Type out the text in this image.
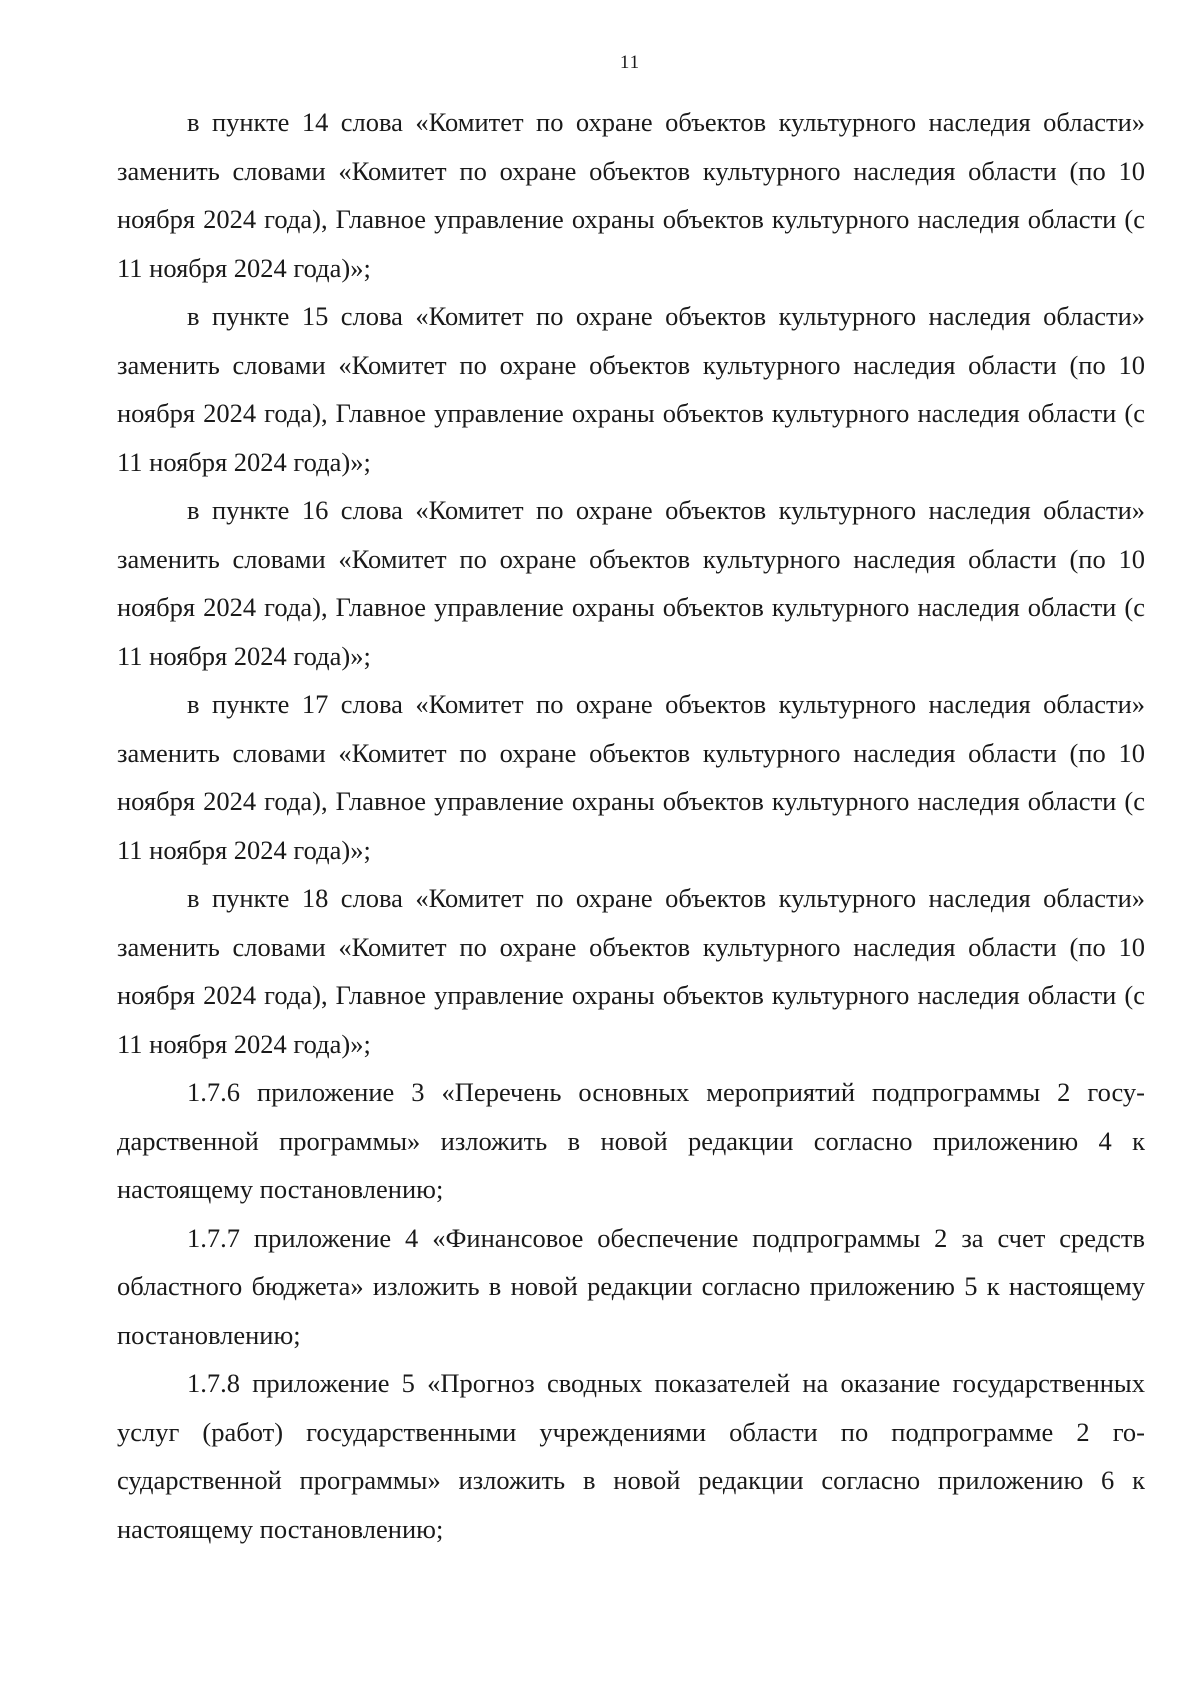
11

в пункте 14 слова «Комитет по охране объектов культурного наследия области» заменить словами «Комитет по охране объектов культурного наследия области (по 10 ноября 2024 года), Главное управление охраны объектов культурного наследия области (с 11 ноября 2024 года)»;

в пункте 15 слова «Комитет по охране объектов культурного наследия области» заменить словами «Комитет по охране объектов культурного наследия области (по 10 ноября 2024 года), Главное управление охраны объектов культурного наследия области (с 11 ноября 2024 года)»;

в пункте 16 слова «Комитет по охране объектов культурного наследия области» заменить словами «Комитет по охране объектов культурного наследия области (по 10 ноября 2024 года), Главное управление охраны объектов культурного наследия области (с 11 ноября 2024 года)»;

в пункте 17 слова «Комитет по охране объектов культурного наследия области» заменить словами «Комитет по охране объектов культурного наследия области (по 10 ноября 2024 года), Главное управление охраны объектов культурного наследия области (с 11 ноября 2024 года)»;

в пункте 18 слова «Комитет по охране объектов культурного наследия области» заменить словами «Комитет по охране объектов культурного наследия области (по 10 ноября 2024 года), Главное управление охраны объектов культурного наследия области (с 11 ноября 2024 года)»;

1.7.6 приложение 3 «Перечень основных мероприятий подпрограммы 2 государственной программы» изложить в новой редакции согласно приложению 4 к настоящему постановлению;

1.7.7 приложение 4 «Финансовое обеспечение подпрограммы 2 за счет средств областного бюджета» изложить в новой редакции согласно приложению 5 к настоящему постановлению;

1.7.8 приложение 5 «Прогноз сводных показателей на оказание государственных услуг (работ) государственными учреждениями области по подпрограмме 2 государственной программы» изложить в новой редакции согласно приложению 6 к настоящему постановлению;
